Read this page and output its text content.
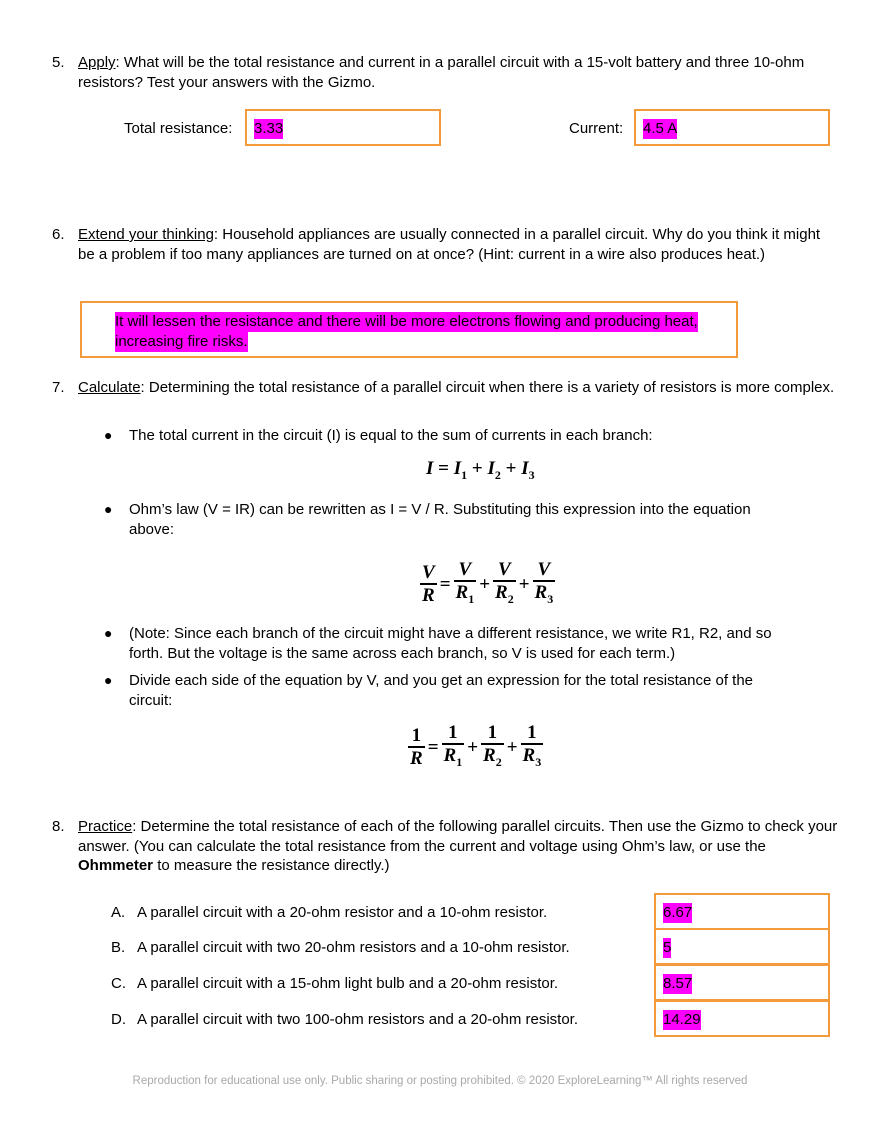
5. Apply: What will be the total resistance and current in a parallel circuit with a 15-volt battery and three 10-ohm resistors? Test your answers with the Gizmo.
Total resistance: 3.33	Current: 4.5 A
6. Extend your thinking: Household appliances are usually connected in a parallel circuit. Why do you think it might be a problem if too many appliances are turned on at once? (Hint: current in a wire also produces heat.)
It will lessen the resistance and there will be more electrons flowing and producing heat,
increasing fire risks.
7. Calculate: Determining the total resistance of a parallel circuit when there is a variety of resistors is more complex.
● The total current in the circuit (I) is equal to the sum of currents in each branch:
$I = I_1 + I_2 + I_3$
● Ohm’s law (V = IR) can be rewritten as I = V / R. Substituting this expression into the equation
above:
$\frac{V}{R} = \frac{V}{R_1} + \frac{V}{R_2} + \frac{V}{R_3}$
● (Note: Since each branch of the circuit might have a different resistance, we write R1, R2, and so
forth. But the voltage is the same across each branch, so V is used for each term.)
● Divide each side of the equation by V, and you get an expression for the total resistance of the
circuit:
$\frac{1}{R} = \frac{1}{R_1} + \frac{1}{R_2} + \frac{1}{R_3}$
8. Practice: Determine the total resistance of each of the following parallel circuits. Then use the Gizmo to check your answer. (You can calculate the total resistance from the current and voltage using Ohm’s law, or use the Ohmmeter to measure the resistance directly.)
A. A parallel circuit with a 20-ohm resistor and a 10-ohm resistor.	6.67
B. A parallel circuit with two 20-ohm resistors and a 10-ohm resistor.	5
C. A parallel circuit with a 15-ohm light bulb and a 20-ohm resistor.	8.57
D. A parallel circuit with two 100-ohm resistors and a 20-ohm resistor.	14.29
Reproduction for educational use only. Public sharing or posting prohibited. © 2020 ExploreLearning™ All rights reserved
